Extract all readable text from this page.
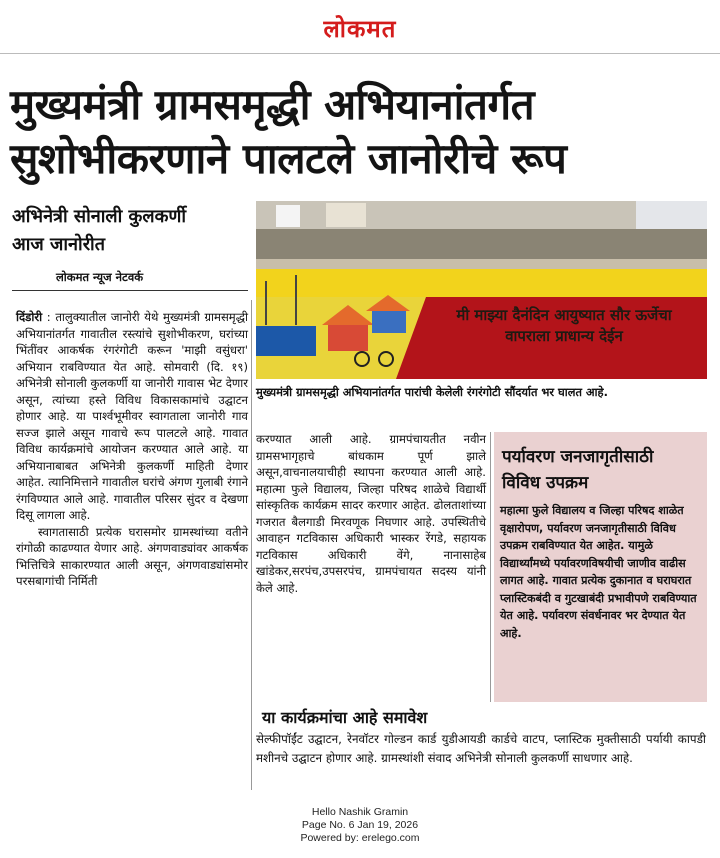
लोकमत
मुख्यमंत्री ग्रामसमृद्धी अभियानांतर्गत
सुशोभीकरणाने पालटले जानोरीचे रूप
अभिनेत्री सोनाली कुलकर्णी
आज जानोरीत
लोकमत न्यूज नेटवर्क
दिंडोरी : तालुक्यातील जानोरी येथे मुख्यमंत्री ग्रामसमृद्धी अभियानांतर्गत गावातील रस्त्यांचे सुशोभीकरण, घरांच्या भिंतींवर आकर्षक रंगरंगोटी करून 'माझी वसुंधरा' अभियान राबविण्यात येत आहे. सोमवारी (दि. १९) अभिनेत्री सोनाली कुलकर्णी या जानोरी गावास भेट देणार असून, त्यांच्या हस्ते विविध विकासकामांचे उद्घाटन होणार आहे. या पार्श्वभूमीवर स्वागताला जानोरी गाव सज्ज झाले असून गावाचे रूप पालटले आहे. गावात विविध कार्यक्रमांचे आयोजन करण्यात आले आहे. या अभियानाबाबत अभिनेत्री कुलकर्णी माहिती देणार आहेत. त्यानिमित्ताने गावातील घरांचे अंगण गुलाबी रंगाने रंगविण्यात आले आहे. गावातील परिसर सुंदर व देखणा दिसू लागला आहे.
स्वागतासाठी प्रत्येक घरासमोर ग्रामस्थांच्या वतीने रांगोळी काढण्यात येणार आहे. अंगणवाड्यांवर आकर्षक भित्तिचित्रे साकारण्यात आली असून, अंगणवाड्यांसमोर परसबागांची निर्मिती
मी माझ्या दैनंदिन आयुष्यात सौर ऊर्जेचा
वापराला प्राधान्य देईन
मुख्यमंत्री ग्रामसमृद्धी अभियानांतर्गत पारांची केलेली रंगरंगोटी सौंदर्यात भर घालत आहे.
करण्यात आली आहे. ग्रामपंचायतीत नवीन ग्रामसभागृहाचे बांधकाम पूर्ण झाले असून,वाचनालयाचीही स्थापना करण्यात आली आहे. महात्मा फुले विद्यालय, जिल्हा परिषद शाळेचे विद्यार्थी सांस्कृतिक कार्यक्रम सादर करणार आहेत. ढोलताशांच्या गजरात बैलगाडी मिरवणूक निघणार आहे. उपस्थितीचे आवाहन गटविकास अधिकारी भास्कर रेंगडे, सहायक गटविकास अधिकारी वेंगे, नानासाहेब खांडेकर,सरपंच,उपसरपंच, ग्रामपंचायत सदस्य यांनी केले आहे.
पर्यावरण जनजागृतीसाठी
विविध उपक्रम
महात्मा फुले विद्यालय व जिल्हा परिषद शाळेत वृक्षारोपण, पर्यावरण जनजागृतीसाठी विविध उपक्रम राबविण्यात येत आहेत. यामुळे विद्यार्थ्यांमध्ये पर्यावरणविषयीची जाणीव वाढीस लागत आहे. गावात प्रत्येक दुकानात व घराघरात प्लास्टिकबंदी व गुटखाबंदी प्रभावीपणे राबविण्यात येत आहे. पर्यावरण संवर्धनावर भर देण्यात येत आहे.
या कार्यक्रमांचा आहे समावेश
सेल्फीपॉईंट उद्घाटन, रेनवॉटर गोल्डन कार्ड युडीआयडी कार्डचे वाटप, प्लास्टिक मुक्तीसाठी पर्यायी कापडी मशीनचे उद्घाटन होणार आहे. ग्रामस्थांशी संवाद अभिनेत्री सोनाली कुलकर्णी साधणार आहे.
Hello Nashik Gramin
Page No. 6 Jan 19, 2026
Powered by: erelego.com
